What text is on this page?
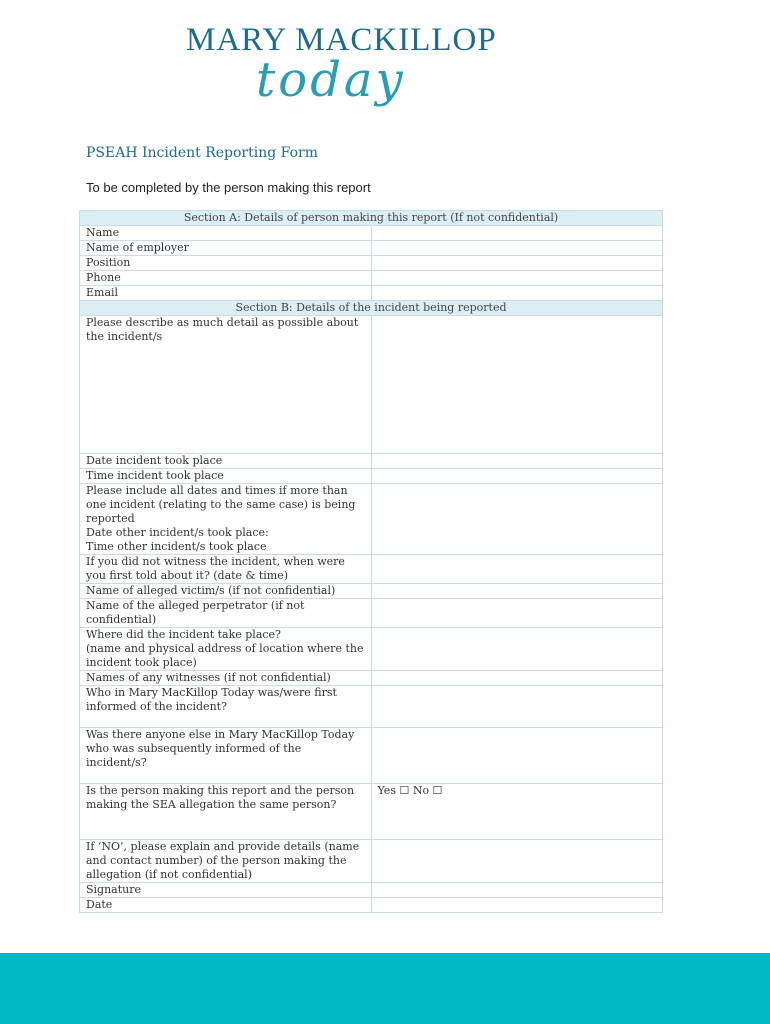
MARY MACKILLOP
today
PSEAH Incident Reporting Form
To be completed by the person making this report
Section A: Details of person making this report (If not confidential)	
Name	
Name of employer	
Position	
Phone	
Email	
Section B: Details of the incident being reported	
Please describe as much detail as possible about the incident/s	
Date incident took place	
Time incident took place	
Please include all dates and times if more than one incident (relating to the same case) is being reported
Date other incident/s took place:
Time other incident/s took place	
If you did not witness the incident, when were you first told about it? (date & time)	
Name of alleged victim/s (if not confidential)	
Name of the alleged perpetrator (if not confidential)	
Where did the incident take place?
(name and physical address of location where the incident took place)	
Names of any witnesses (if not confidential)	
Who in Mary MacKillop Today was/were first informed of the incident?	
Was there anyone else in Mary MacKillop Today who was subsequently informed of the incident/s?	
Is the person making this report and the person making the SEA allegation the same person?	Yes ☐ No ☐
If ‘NO’, please explain and provide details (name and contact number) of the person making the allegation (if not confidential)	
Signature	
Date	
